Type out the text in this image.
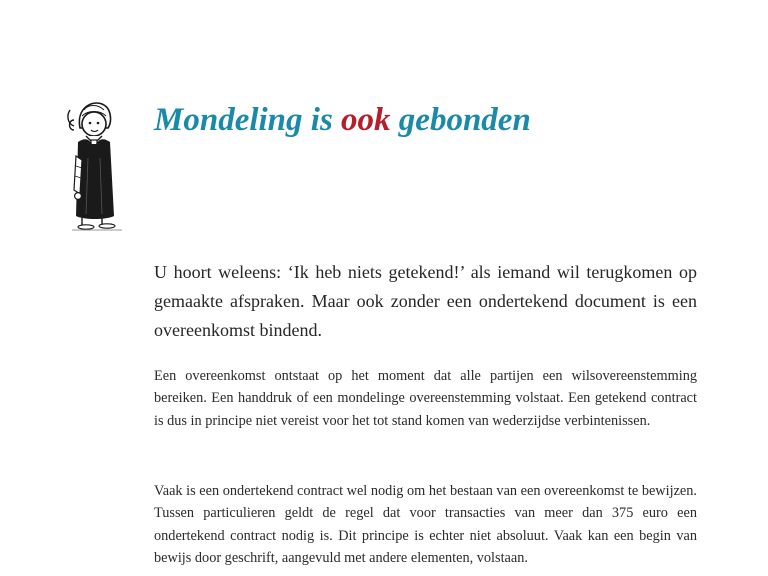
Mondeling is ook gebonden

U hoort weleens: ‘Ik heb niets getekend!’ als iemand wil terugkomen op gemaakte afspraken. Maar ook zonder een ondertekend document is een overeenkomst bindend.

Een overeenkomst ontstaat op het moment dat alle partijen een wilsovereenstemming bereiken. Een handdruk of een mondelinge overeenstemming volstaat. Een getekend contract is dus in principe niet vereist voor het tot stand komen van wederzijdse verbintenissen.

Vaak is een ondertekend contract wel nodig om het bestaan van een overeenkomst te bewijzen. Tussen particulieren geldt de regel dat voor transacties van meer dan 375 euro een ondertekend contract nodig is. Dit principe is echter niet absoluut. Vaak kan een begin van bewijs door geschrift, aangevuld met andere elementen, volstaan.
